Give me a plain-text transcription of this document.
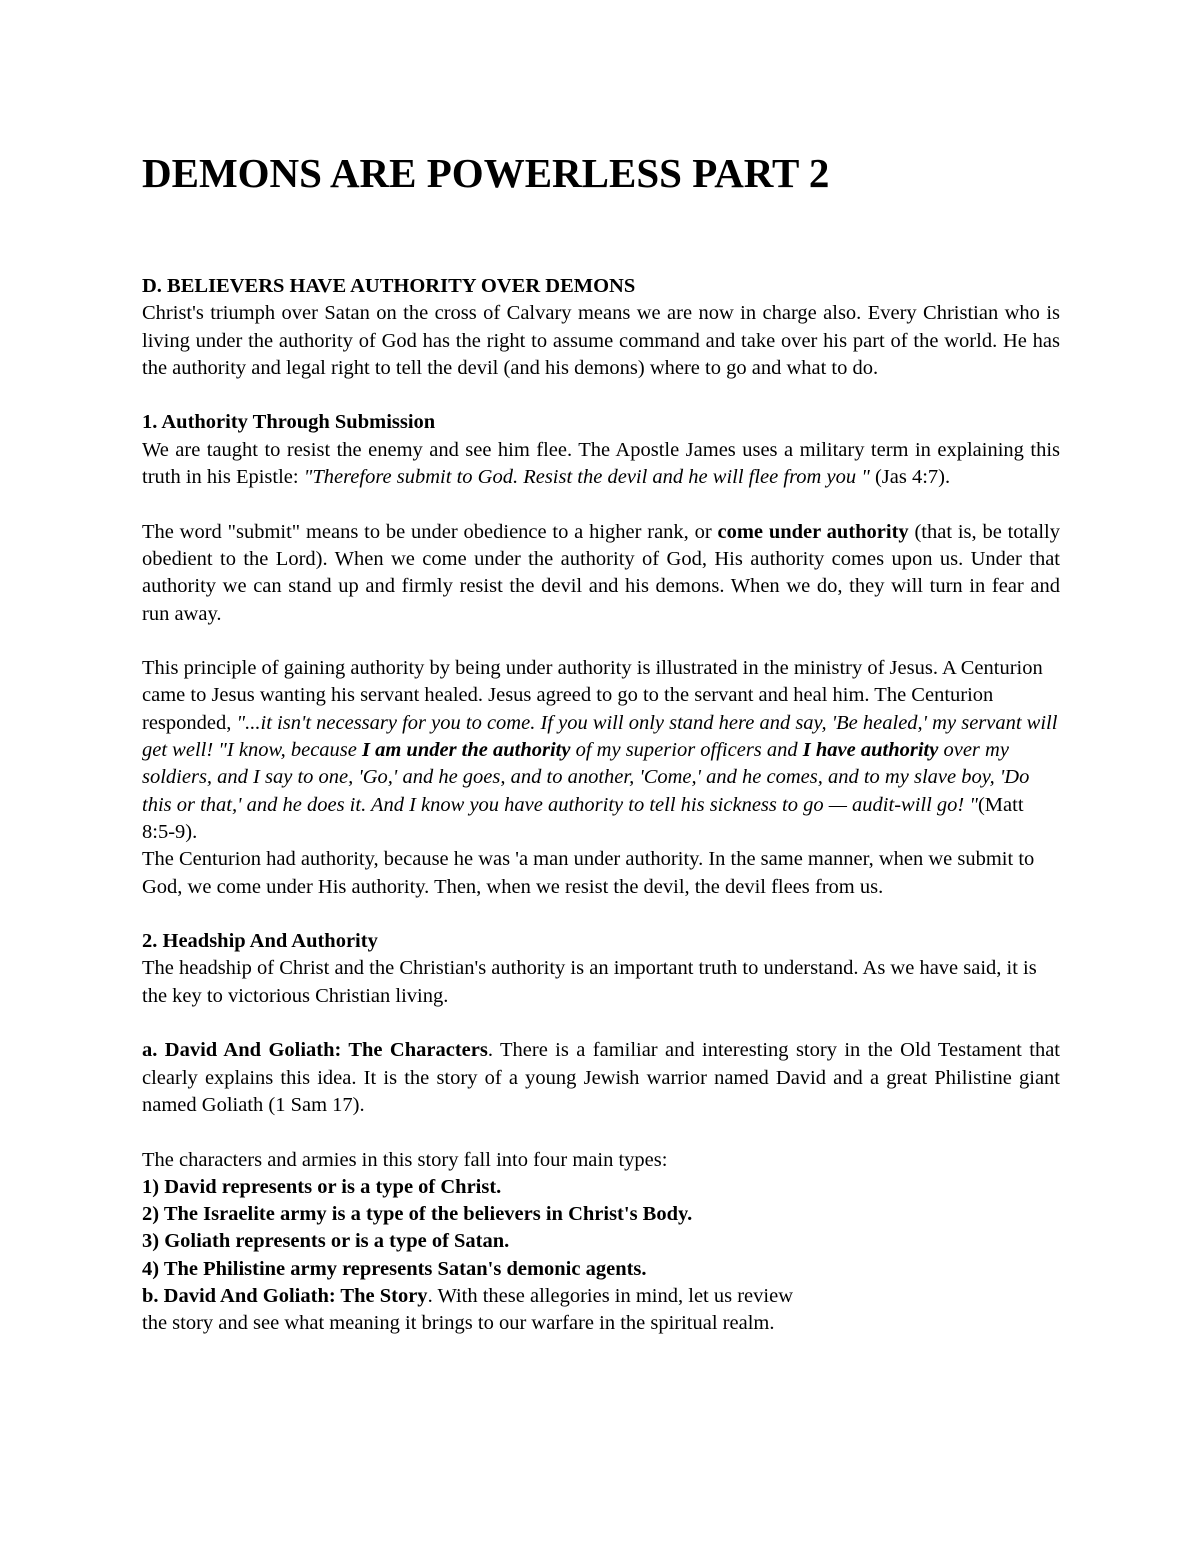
DEMONS ARE POWERLESS PART 2

D. BELIEVERS HAVE AUTHORITY OVER DEMONS

Christ's triumph over Satan on the cross of Calvary means we are now in charge also. Every Christian who is living under the authority of God has the right to assume command and take over his part of the world. He has the authority and legal right to tell the devil (and his demons) where to go and what to do.

1. Authority Through Submission

We are taught to resist the enemy and see him flee. The Apostle James uses a military term in explaining this truth in his Epistle: "Therefore submit to God. Resist the devil and he will flee from you " (Jas 4:7).

The word "submit" means to be under obedience to a higher rank, or come under authority (that is, be totally obedient to the Lord). When we come under the authority of God, His authority comes upon us. Under that authority we can stand up and firmly resist the devil and his demons. When we do, they will turn in fear and run away.

This principle of gaining authority by being under authority is illustrated in the ministry of Jesus. A Centurion came to Jesus wanting his servant healed. Jesus agreed to go to the servant and heal him. The Centurion responded, "...it isn't necessary for you to come. If you will only stand here and say, 'Be healed,' my servant will get well! "I know, because I am under the authority of my superior officers and I have authority over my soldiers, and I say to one, 'Go,' and he goes, and to another, 'Come,' and he comes, and to my slave boy, 'Do this or that,' and he does it. And I know you have authority to tell his sickness to go — audit-will go! "(Matt 8:5-9).

The Centurion had authority, because he was 'a man under authority. In the same manner, when we submit to God, we come under His authority. Then, when we resist the devil, the devil flees from us.

2. Headship And Authority

The headship of Christ and the Christian's authority is an important truth to understand. As we have said, it is the key to victorious Christian living.

a. David And Goliath: The Characters. There is a familiar and interesting story in the Old Testament that clearly explains this idea. It is the story of a young Jewish warrior named David and a great Philistine giant named Goliath (1 Sam 17).

The characters and armies in this story fall into four main types:

1) David represents or is a type of Christ.

2) The Israelite army is a type of the believers in Christ's Body.

3) Goliath represents or is a type of Satan.

4) The Philistine army represents Satan's demonic agents.

b. David And Goliath: The Story. With these allegories in mind, let us review

the story and see what meaning it brings to our warfare in the spiritual realm.
